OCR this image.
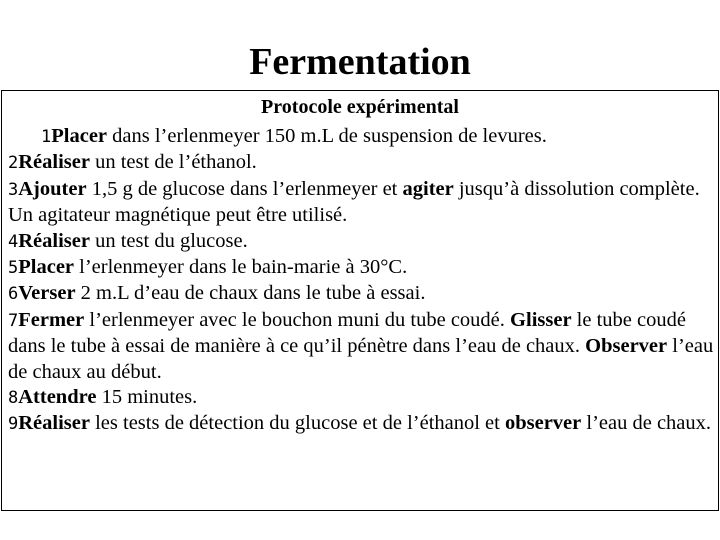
Fermentation
Protocole expérimental
1Placer dans l’erlenmeyer 150 m.L de suspension de levures.
2Réaliser un test de l’éthanol.
3Ajouter 1,5 g de glucose dans l’erlenmeyer et agiter jusqu’à dissolution complète. Un agitateur magnétique peut être utilisé.
4Réaliser un test du glucose.
5Placer l’erlenmeyer dans le bain-marie à 30°C.
6Verser 2 m.L d’eau de chaux dans le tube à essai.
7Fermer l’erlenmeyer avec le bouchon muni du tube coudé. Glisser le tube coudé dans le tube à essai de manière à ce qu’il pénètre dans l’eau de chaux. Observer l’eau de chaux au début.
8Attendre 15 minutes.
9Réaliser les tests de détection du glucose et de l’éthanol et observer l’eau de chaux.
